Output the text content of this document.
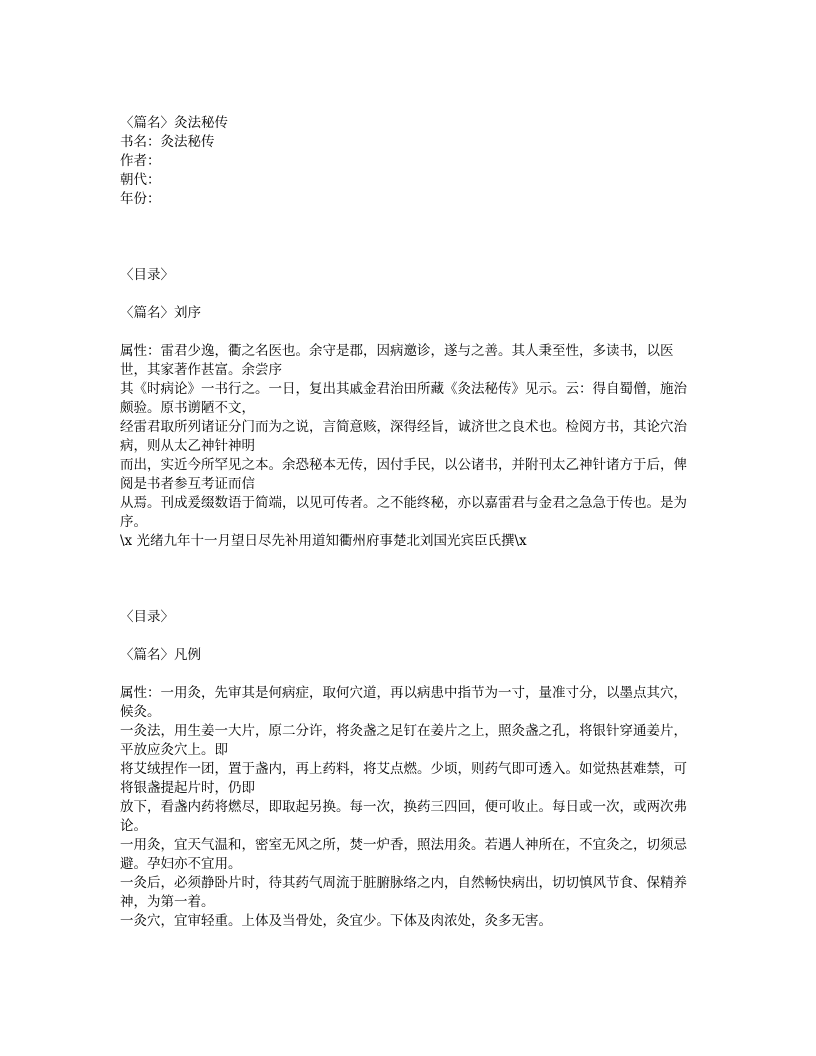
〈篇名〉灸法秘传
书名：灸法秘传
作者：
朝代：
年份：
〈目录〉
〈篇名〉刘序
属性：雷君少逸，衢之名医也。余守是郡，因病邀诊，遂与之善。其人秉至性，多读书，以医世，其家著作甚富。余尝序
其《时病论》一书行之。一日，复出其戚金君治田所藏《灸法秘传》见示。云：得自蜀僧，施治颇验。原书谫陋不文，
经雷君取所列诸证分门而为之说，言简意赅，深得经旨，诚济世之良术也。检阅方书，其论穴治病，则从太乙神针神明
而出，实近今所罕见之本。余恐秘本无传，因付手民，以公诸书，并附刊太乙神针诸方于后，俾阅是书者参互考证而信
从焉。刊成爰缀数语于简端，以见可传者。之不能终秘，亦以嘉雷君与金君之急急于传也。是为序。
\x 光绪九年十一月望日尽先补用道知衢州府事楚北刘国光宾臣氏撰\x
〈目录〉
〈篇名〉凡例
属性：一用灸，先审其是何病症，取何穴道，再以病患中指节为一寸，量准寸分，以墨点其穴，候灸。
一灸法，用生姜一大片，原二分许，将灸盏之足钉在姜片之上，照灸盏之孔，将银针穿通姜片，平放应灸穴上。即
将艾绒捏作一团，置于盏内，再上药料，将艾点燃。少顷，则药气即可透入。如觉热甚难禁，可将银盏提起片时，仍即
放下，看盏内药将燃尽，即取起另换。每一次，换药三四回，便可收止。每日或一次，或两次弗论。
一用灸，宜天气温和，密室无风之所，焚一炉香，照法用灸。若遇人神所在，不宜灸之，切须忌避。孕妇亦不宜用。
一灸后，必须静卧片时，待其药气周流于脏腑脉络之内，自然畅快病出，切切慎风节食、保精养神，为第一着。
一灸穴，宜审轻重。上体及当骨处，灸宜少。下体及肉浓处，灸多无害。
